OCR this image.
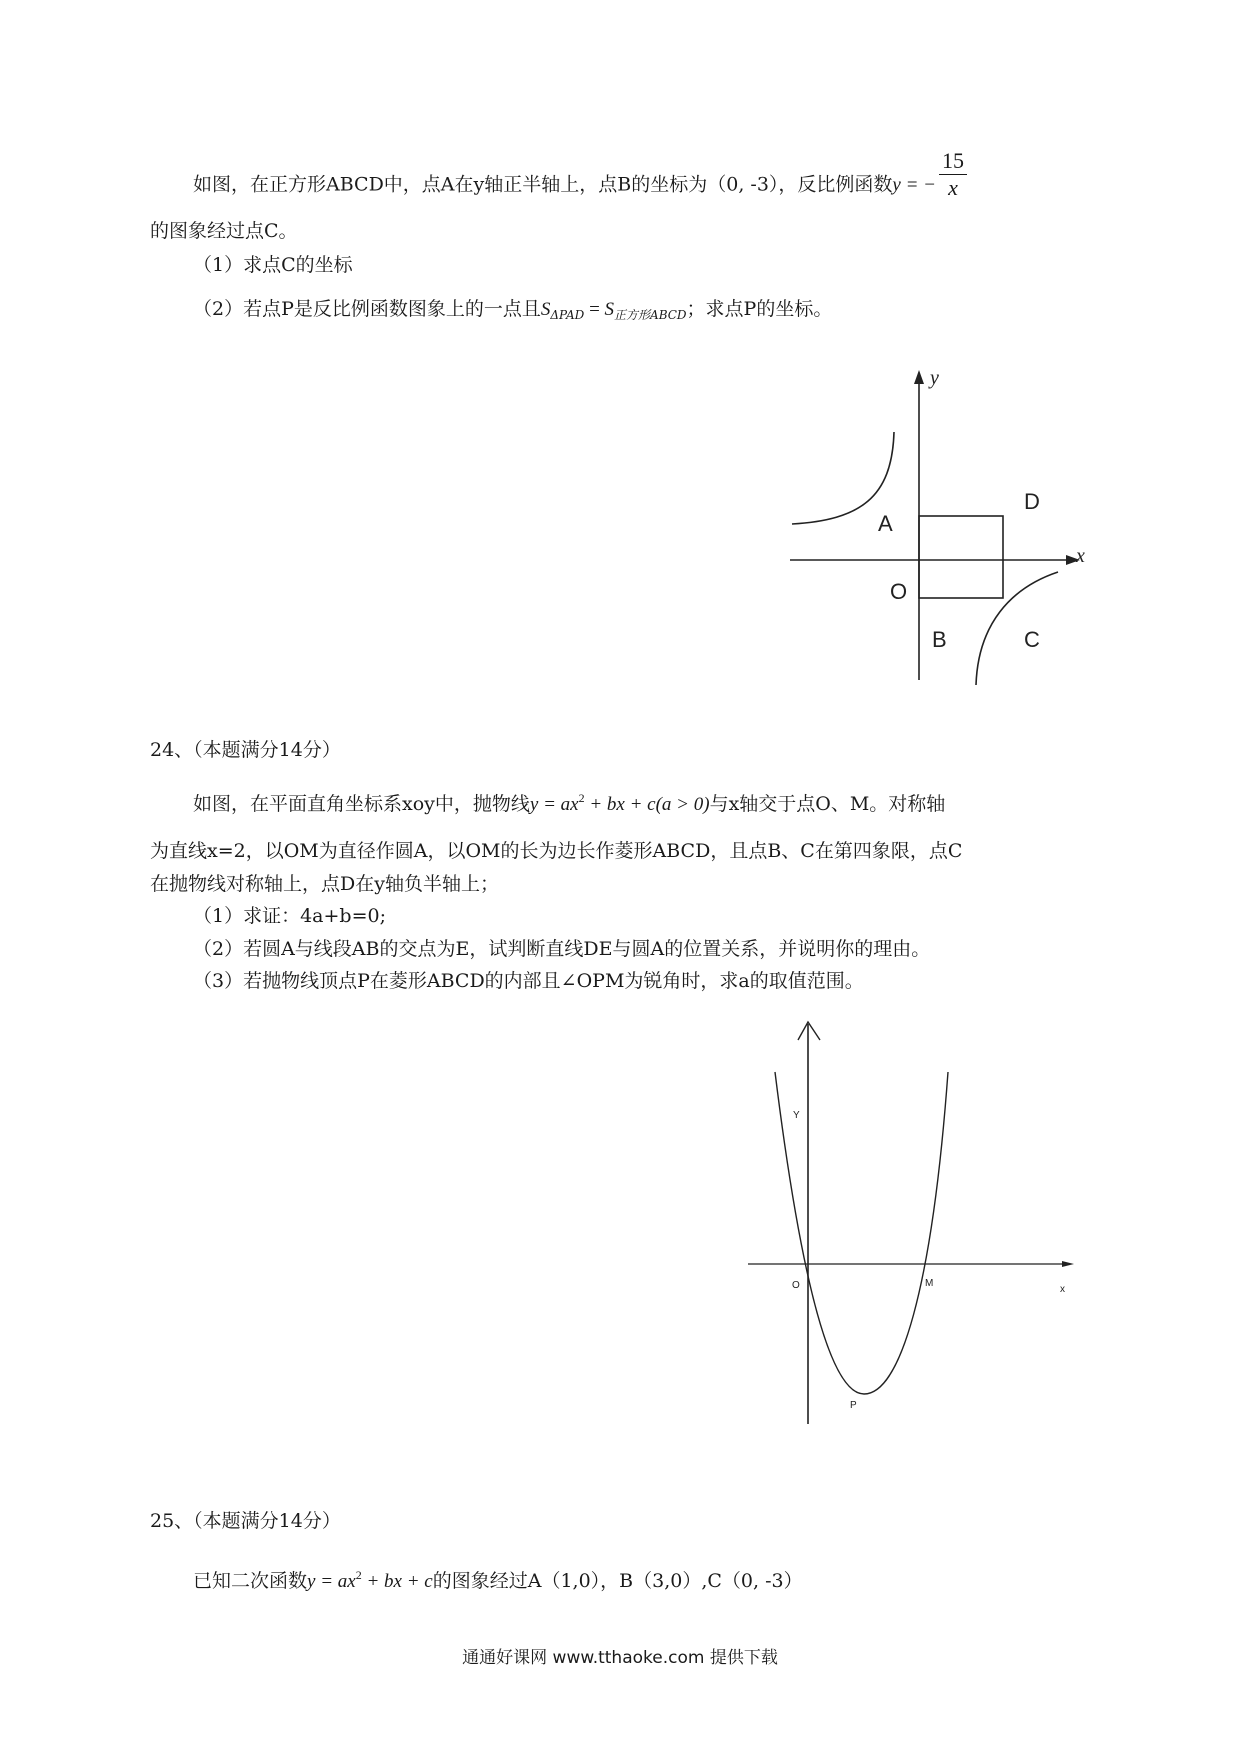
如图，在正方形ABCD中，点A在y轴正半轴上，点B的坐标为（0, -3），反比例函数y = − $\frac{15}{x}$
的图象经过点C。
（1）求点C的坐标
（2）若点P是反比例函数图象上的一点且$S_{\Delta PAD} = S_{正方形ABCD}$；求点P的坐标。
y
x
A
D
O
B	C
24、（本题满分14分）
如图，在平面直角坐标系xoy中，抛物线$y = ax^2$ + bx + c(a > 0)与x轴交于点O、M。对称轴
为直线x=2，以OM为直径作圆A，以OM的长为边长作菱形ABCD，且点B、C在第四象限，点C
在抛物线对称轴上，点D在y轴负半轴上；
（1）求证：4a+b=0;
（2）若圆A与线段AB的交点为E，试判断直线DE与圆A的位置关系，并说明你的理由。
（3）若抛物线顶点P在菱形ABCD的内部且∠OPM为锐角时，求a的取值范围。
Y
O	M
x
P
25、（本题满分14分）
已知二次函数$y = ax^2$ + bx + c的图象经过A（1,0），B（3,0）,C（0, -3）
通通好课网 www.tthaoke.com 提供下载
